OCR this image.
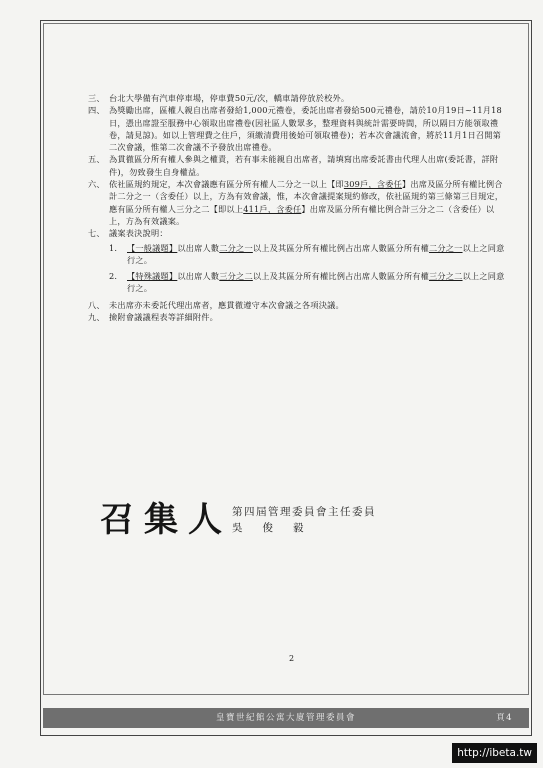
三、 台北大學備有汽車停車場，停車費50元/次，轎車請停放於校外。
四、 為獎勵出席，區權人親自出席者發給1,000元禮卷，委託出席者發給500元禮卷，請於10月19日~11月18日，憑出席證至服務中心領取出席禮卷(因社區人數眾多，整理資料與統計需要時間，所以隔日方能領取禮卷，請見諒)。如以上管理費之住戶，須繳清費用後始可領取禮卷)；若本次會議流會，將於11月1日召開第二次會議，惟第二次會議不予發放出席禮卷。
五、 為貫徹區分所有權人參與之權責，若有事未能親自出席者，請填寫出席委託書由代理人出席(委託書，詳附件)，勿致發生自身權益。
六、 依社區規約規定，本次會議應有區分所有權人二分之一以上【即309戶，含委任】出席及區分所有權比例合計二分之一（含委任）以上，方為有效會議，惟，本次會議提案規約修改，依社區規約第三條第三目規定，應有區分所有權人三分之二【即以上411戶，含委任】出席及區分所有權比例合計三分之二（含委任）以上，方為有效議案。
七、 議案表決說明：
1.	【一般議題】以出席人數二分之一以上及其區分所有權比例占出席人數區分所有權二分之一以上之同意行之。
2.	【特殊議題】以出席人數三分之二以上及其區分所有權比例占出席人數區分所有權三分之二以上之同意行之。
八、 未出席亦未委託代理出席者，應貫徹遵守本次會議之各項決議。
九、 撿附會議議程表等詳細附件。
召集人 第四屆管理委員會主任委員
吳俊毅
2
皇寶世紀館公寓大廈管理委員會	頁4
http://ibeta.tw
